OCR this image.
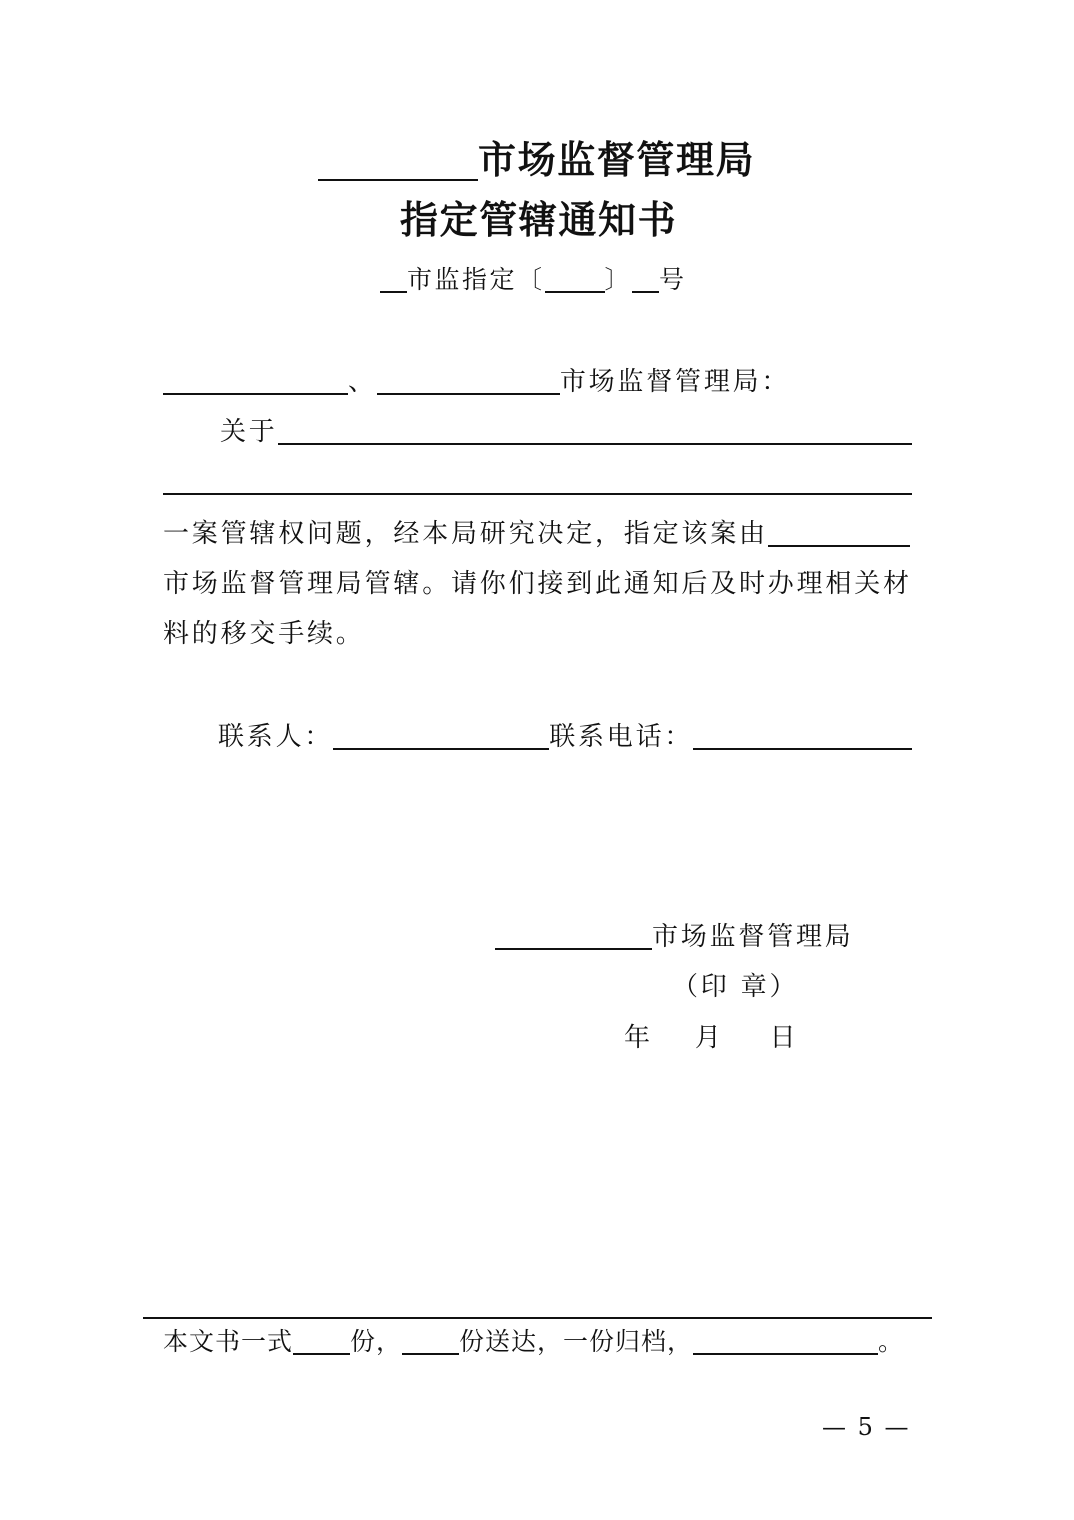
市场监督管理局
指定管辖通知书
市监指定 〔 〕 号
、	市场监督管理局：
关于
一案管辖权问题，经本局研究决定，指定该案由
市场监督管理局管辖。请你们接到此通知后及时办理相关材
料的移交手续。
联系人：	联系电话：
市场监督管理局
（印 章）
年 月 日
本文书一式 份， 份送达，一份归档，	。
— 5 —
